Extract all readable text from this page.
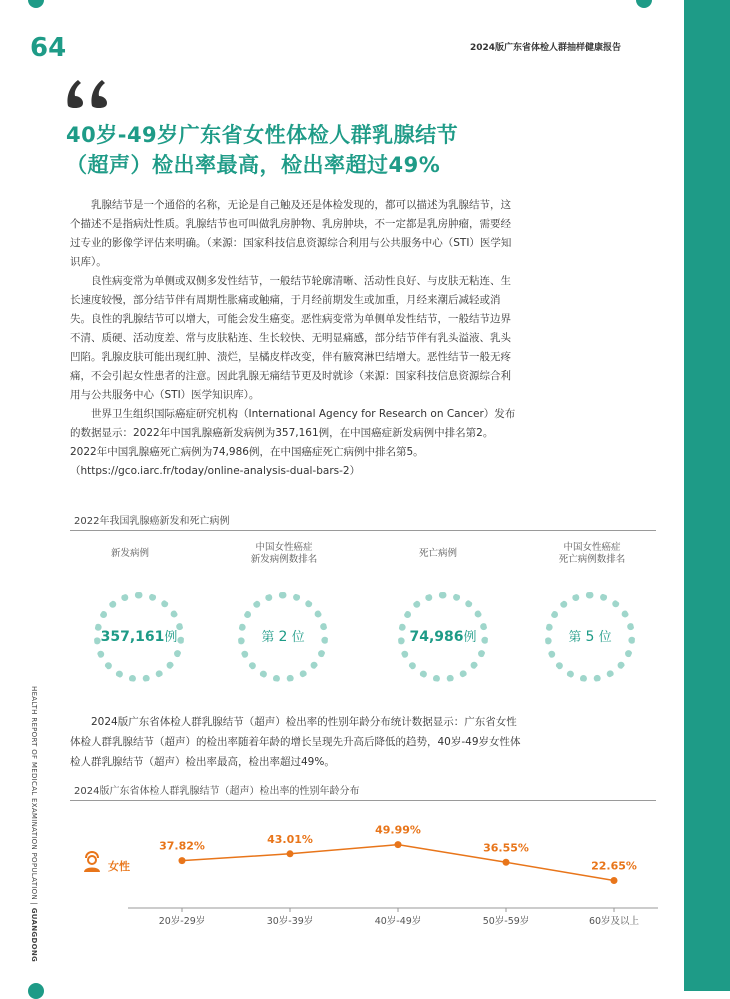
64	2024版广东省体检人群抽样健康报告
40岁-49岁广东省女性体检人群乳腺结节
（超声）检出率最高，检出率超过49%

乳腺结节是一个通俗的名称，无论是自己触及还是体检发现的，都可以描述为乳腺结节，这个描述不是指病灶性质。乳腺结节也可叫做乳房肿物、乳房肿块，不一定都是乳房肿瘤，需要经过专业的影像学评估来明确。（来源：国家科技信息资源综合利用与公共服务中心（STI）医学知识库）。

良性病变常为单侧或双侧多发性结节，一般结节轮廓清晰、活动性良好、与皮肤无粘连、生长速度较慢，部分结节伴有周期性胀痛或触痛，于月经前期发生或加重，月经来潮后减轻或消失。良性的乳腺结节可以增大，可能会发生癌变。恶性病变常为单侧单发性结节，一般结节边界不清、质硬、活动度差、常与皮肤粘连、生长较快、无明显痛感，部分结节伴有乳头溢液、乳头凹陷。乳腺皮肤可能出现红肿、溃烂，呈橘皮样改变，伴有腋窝淋巴结增大。恶性结节一般无疼痛，不会引起女性患者的注意。因此乳腺无痛结节更及时就诊（来源：国家科技信息资源综合利用与公共服务中心（STI）医学知识库）。

世界卫生组织国际癌症研究机构（International Agency for Research on Cancer）发布的数据显示：2022年中国乳腺癌新发病例为357,161例，在中国癌症新发病例中排名第2。2022年中国乳腺癌死亡病例为74,986例，在中国癌症死亡病例中排名第5。

（https://gco.iarc.fr/today/online-analysis-dual-bars-2）

HEALTH REPORT OF MEDICAL EXAMINATION POPULATION | GUANGDONG
2022年我国乳腺癌新发和死亡病例
新发病例
中国女性癌症
新发病例数排名
死亡病例
中国女性癌症
死亡病例数排名
357,161例	第 2 位	74,986例	第 5 位

2024版广东省体检人群乳腺结节（超声）检出率的性别年龄分布统计数据显示：广东省女性体检人群乳腺结节（超声）的检出率随着年龄的增长呈现先升高后降低的趋势，40岁-49岁女性体检人群乳腺结节（超声）检出率最高，检出率超过49%。

2024版广东省体检人群乳腺结节（超声）检出率的性别年龄分布
女性
37.82%
20岁-29岁
43.01%
30岁-39岁
49.99%
40岁-49岁
36.55%
50岁-59岁
22.65%
60岁及以上
